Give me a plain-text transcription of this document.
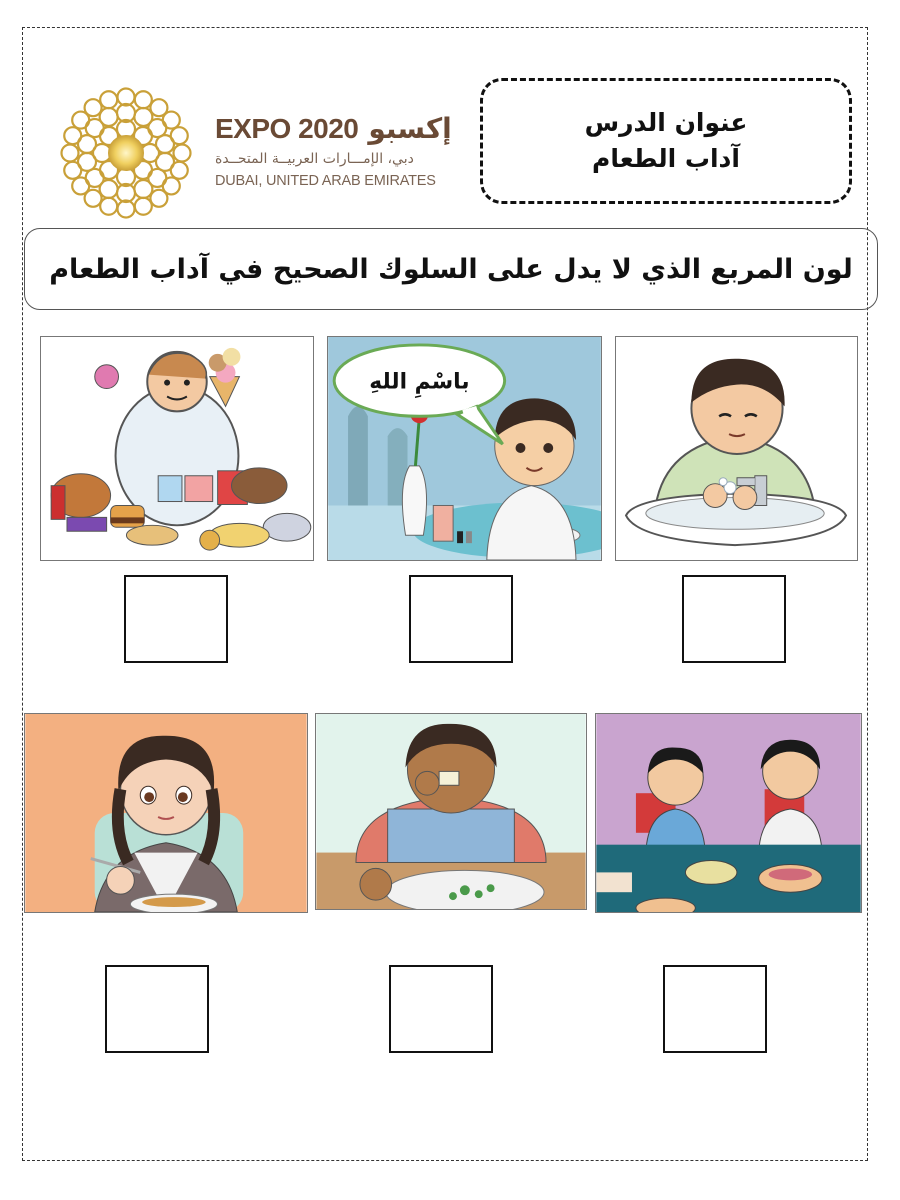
EXPO 2020 إكسبو
دبي، الإمـــارات العربيــة المتحــدة
DUBAI, UNITED ARAB EMIRATES
عنوان الدرس
آداب الطعام
لون المربع الذي لا يدل على السلوك الصحيح في آداب الطعام
باسْمِ اللهِ
